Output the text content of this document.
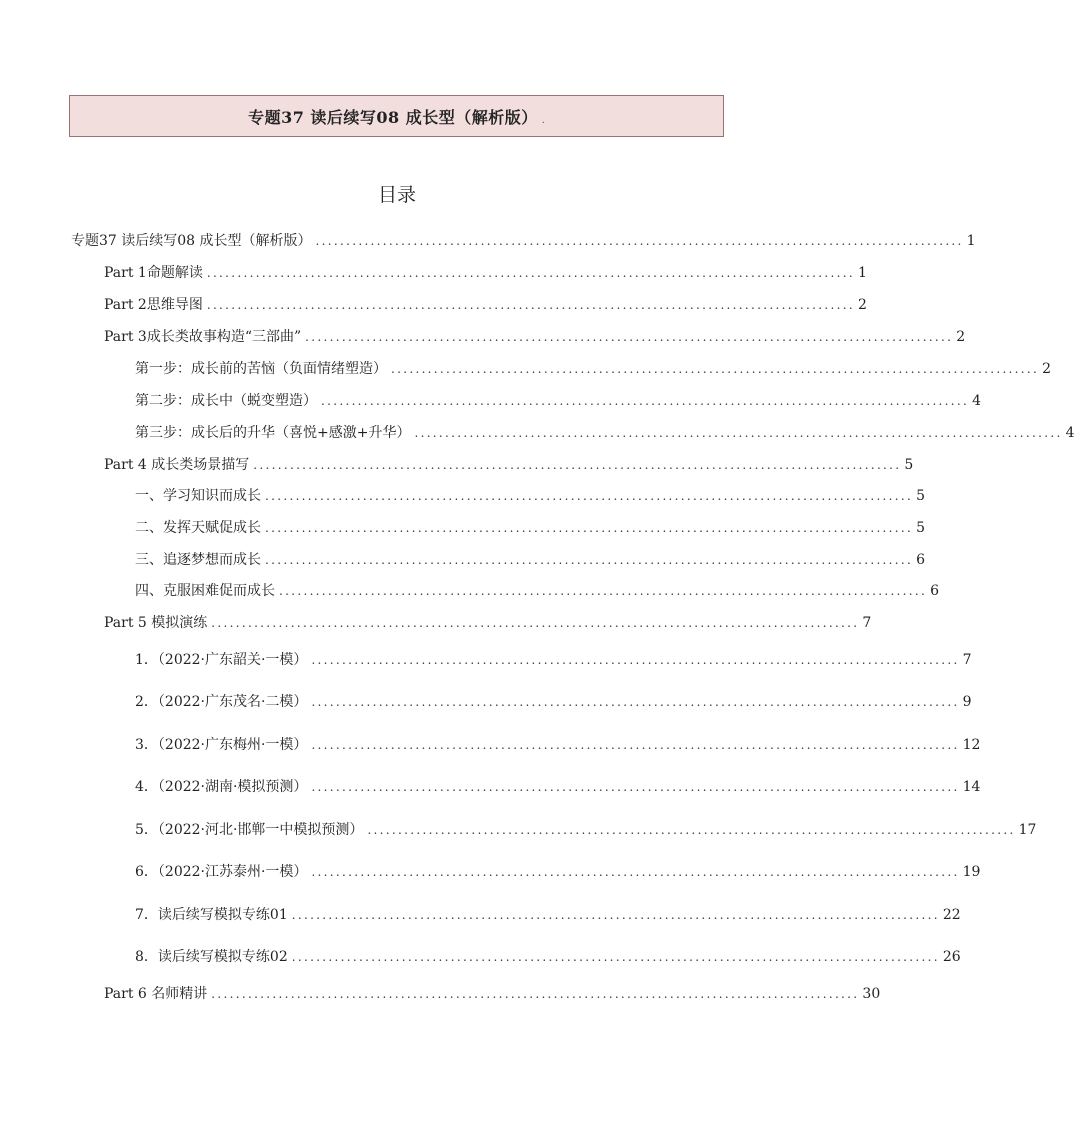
专题37 读后续写08 成长型（解析版） .
目录
专题37 读后续写08 成长型（解析版） .......................................................................................................... 1
Part 1命题解读 .......................................................................................................... 1
Part 2思维导图 .......................................................................................................... 2
Part 3成长类故事构造“三部曲” .......................................................................................................... 2
第一步：成长前的苦恼（负面情绪塑造） .......................................................................................................... 2
第二步：成长中（蜕变塑造） .......................................................................................................... 4
第三步：成长后的升华（喜悦+感激+升华） .......................................................................................................... 4
Part 4 成长类场景描写 .......................................................................................................... 5
一、学习知识而成长 .......................................................................................................... 5
二、发挥天赋促成长 .......................................................................................................... 5
三、追逐梦想而成长 .......................................................................................................... 6
四、克服困难促而成长 .......................................................................................................... 6
Part 5 模拟演练 .......................................................................................................... 7
1．（2022·广东韶关·一模） .......................................................................................................... 7
2．（2022·广东茂名·二模） .......................................................................................................... 9
3．（2022·广东梅州·一模） .......................................................................................................... 12
4．（2022·湖南·模拟预测） .......................................................................................................... 14
5．（2022·河北·邯郸一中模拟预测） .......................................................................................................... 17
6．（2022·江苏泰州·一模） .......................................................................................................... 19
7．读后续写模拟专练01 .......................................................................................................... 22
8．读后续写模拟专练02 .......................................................................................................... 26
Part 6 名师精讲 .......................................................................................................... 30
